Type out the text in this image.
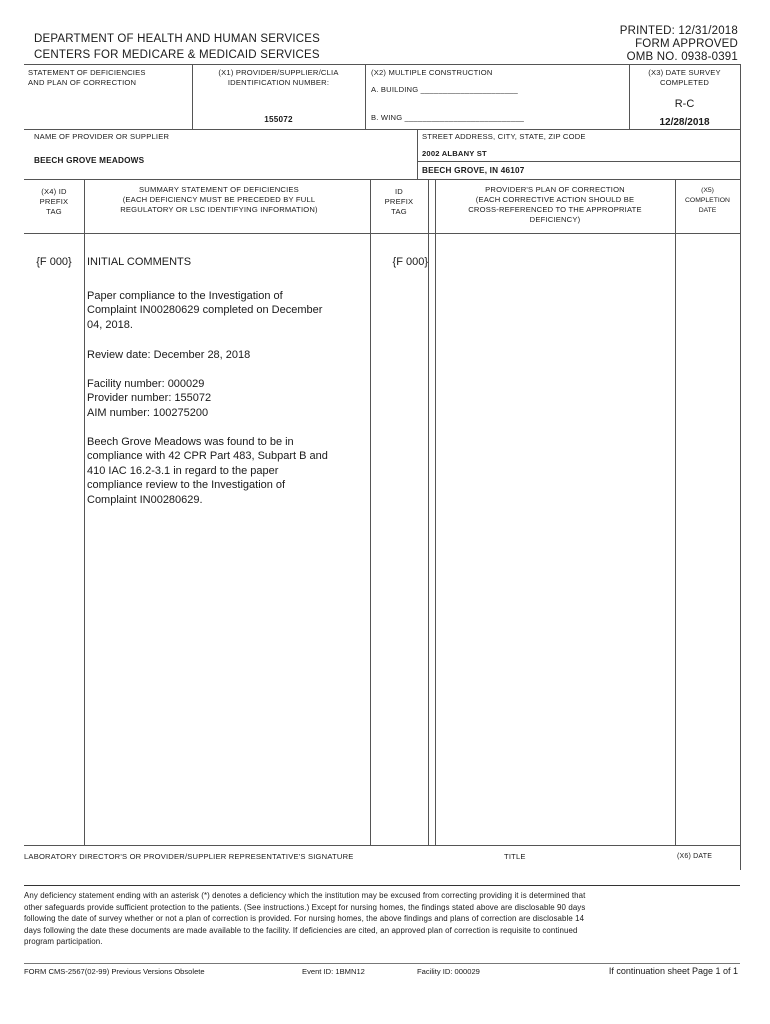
DEPARTMENT OF HEALTH AND HUMAN SERVICES
CENTERS FOR MEDICARE & MEDICAID SERVICES
PRINTED: 12/31/2018
FORM APPROVED
OMB NO. 0938-0391
STATEMENT OF DEFICIENCIES
AND PLAN OF CORRECTION
(X1) PROVIDER/SUPPLIER/CLIA
IDENTIFICATION NUMBER:
155072
(X2) MULTIPLE CONSTRUCTION
A. BUILDING ______________________
B. WING ___________________________
(X3) DATE SURVEY
COMPLETED
R-C
12/28/2018
NAME OF PROVIDER OR SUPPLIER
BEECH GROVE MEADOWS
STREET ADDRESS, CITY, STATE, ZIP CODE
2002 ALBANY ST
BEECH GROVE, IN 46107
(X4) ID
PREFIX
TAG
SUMMARY STATEMENT OF DEFICIENCIES
(EACH DEFICIENCY MUST BE PRECEDED BY FULL
REGULATORY OR LSC IDENTIFYING INFORMATION)
ID
PREFIX
TAG
PROVIDER'S PLAN OF CORRECTION
(EACH CORRECTIVE ACTION SHOULD BE
CROSS-REFERENCED TO THE APPROPRIATE
DEFICIENCY)
(X5)
COMPLETION
DATE
{F 000}	INITIAL COMMENTS	{F 000}
Paper compliance to the Investigation of
Complaint IN00280629 completed on December
04, 2018.
Review date: December 28, 2018
Facility number: 000029
Provider number: 155072
AIM number: 100275200
Beech Grove Meadows was found to be in
compliance with 42 CPR Part 483, Subpart B and
410 IAC 16.2-3.1 in regard to the paper
compliance review to the Investigation of
Complaint IN00280629.
LABORATORY DIRECTOR'S OR PROVIDER/SUPPLIER REPRESENTATIVE'S SIGNATURE	TITLE	(X6) DATE
Any deficiency statement ending with an asterisk (*) denotes a deficiency which the institution may be excused from correcting providing it is determined that
other safeguards provide sufficient protection to the patients. (See instructions.) Except for nursing homes, the findings stated above are disclosable 90 days
following the date of survey whether or not a plan of correction is provided. For nursing homes, the above findings and plans of correction are disclosable 14
days following the date these documents are made available to the facility. If deficiencies are cited, an approved plan of correction is requisite to continued
program participation.
FORM CMS-2567(02-99) Previous Versions Obsolete	Event ID: 1BMN12	Facility ID: 000029	If continuation sheet Page 1 of 1
